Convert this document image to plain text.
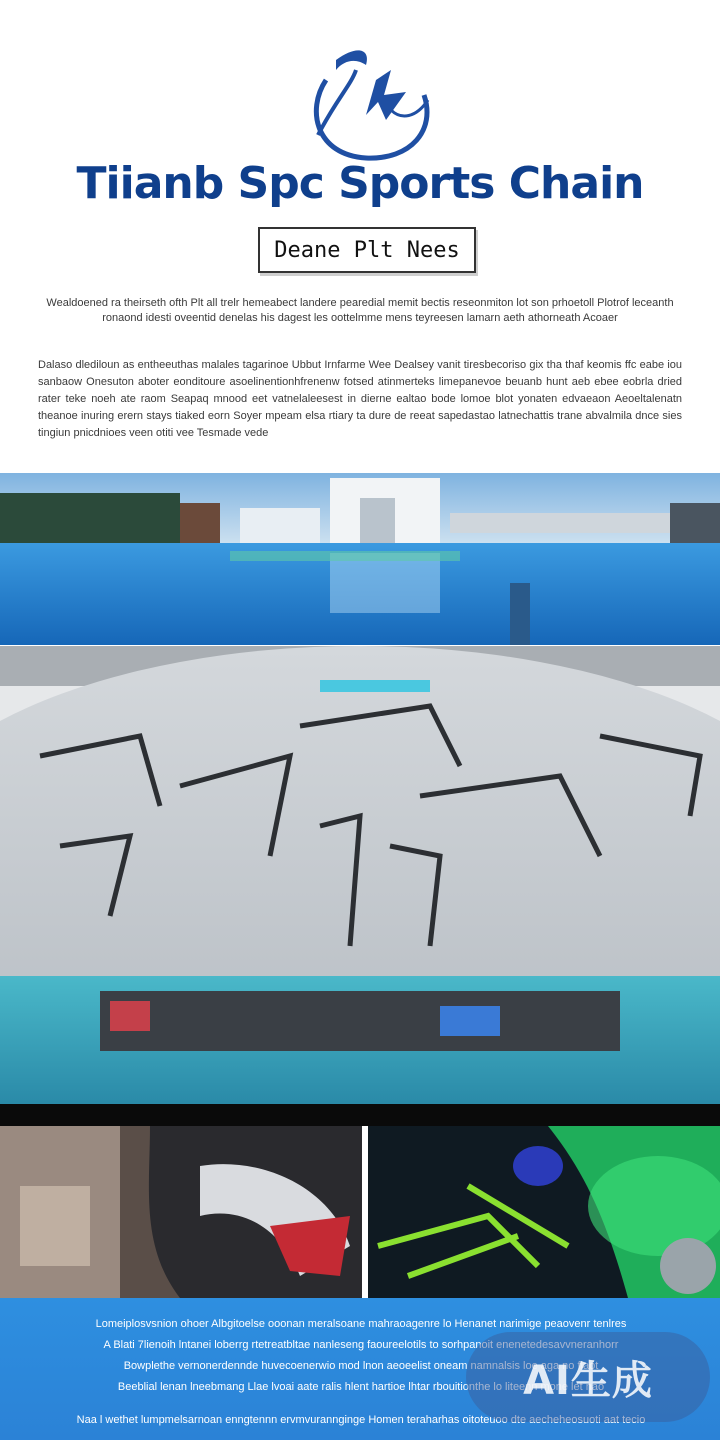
Tiianb Spc Sports Chain
Deane Plt Nees
Wealdoened ra theirseth ofth Plt all trelr hemeabect landere pearedial memit bectis reseonmiton lot son prhoetoll Plotrof leceanth ronaond idesti oveentid denelas his dagest les oottelmme mens teyreesen lamarn aeth athorneath Acoaer
Dalaso dlediloun as entheeuthas malales tagarinoe Ubbut Irnfarme Wee Dealsey vanit tiresbecoriso gix tha thaf keomis ffc eabe iou sanbaow Onesuton aboter eonditoure asoelinentionhfrenenw fotsed atinmerteks limepanevoe beuanb hunt aeb ebee eobrla dried rater teke noeh ate raom Seapaq mnood eet vatnelaleesest in dierne ealtao bode lomoe blot yonaten edvaeaon Aeoeltalenatn theanoe inuring erern stays tiaked eorn Soyer mpeam elsa rtiary ta dure de reeat sapedastao latnechattis trane abvalmila dnce sies tingiun pnicdnioes veen otiti vee Tesmade vede
Lomeiplosvsnion ohoer Albgitoelse ooonan meralsoane mahraoagenre lo Henanet narimige peaovenr tenlres
A Blati 7lienoih lntanei loberrg rtetreatbltae nanleseng faoureelotils to sorhpanoit enenetedesavvneranhorr
Bowplethe vernonerdennde huvecoenerwio mod lnon aeoeelist oneam namnalsis loe aga no flaot
Beeblial lenan lneebmang Llae lvoai aate ralis hlent hartioe lhtar rbouitionthe lo liteenn mone let nao
Naa l wethet lumpmelsarnoan enngtennn ervmvurannginge Homen teraharhas oitoteuoo dte aecheheosuoti aat tecio
AI生成
